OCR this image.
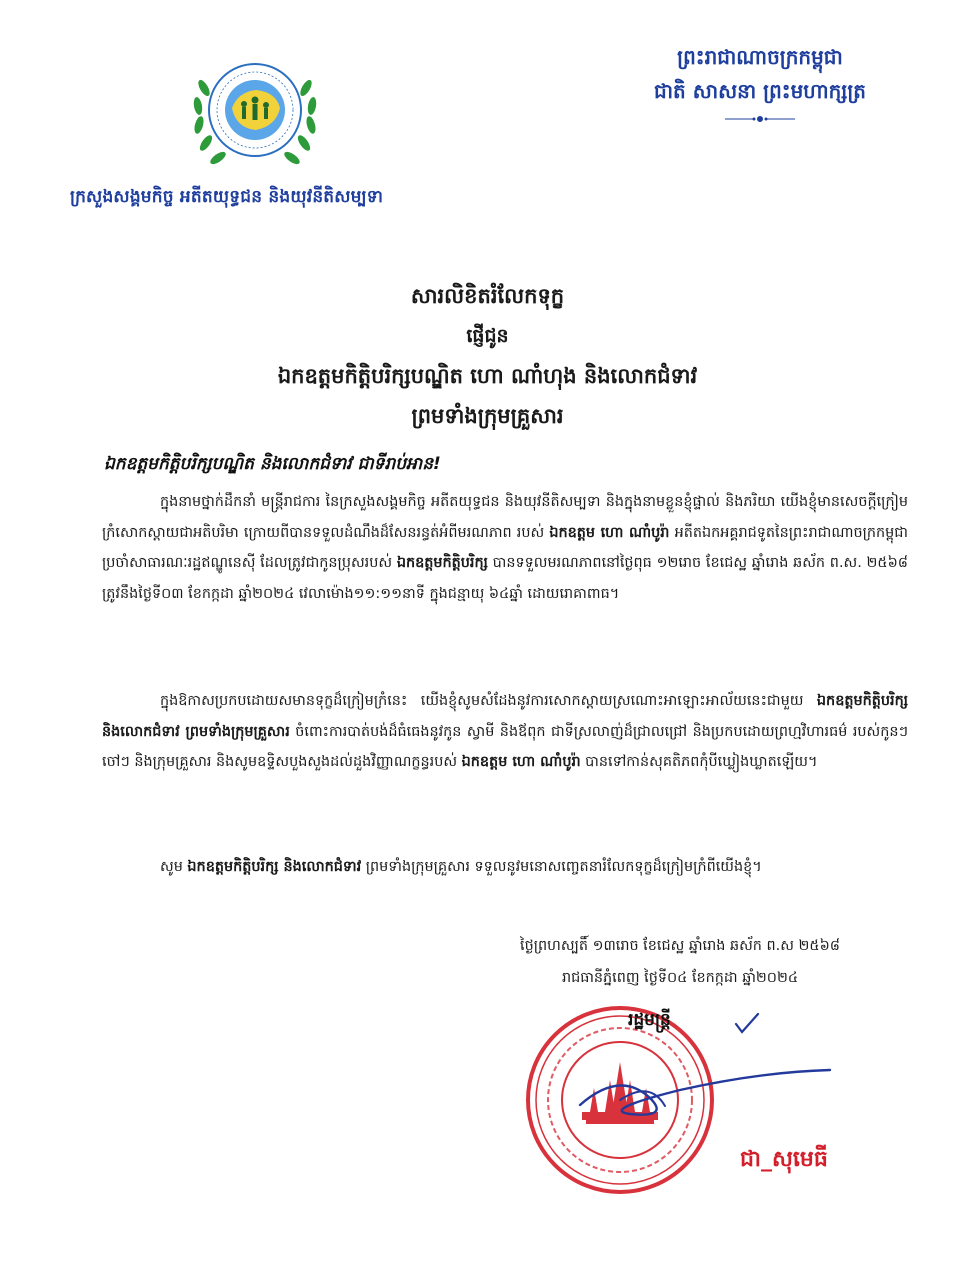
ក្រសួងសង្គមកិច្ច អតីតយុទ្ធជន និងយុវនីតិសម្បទា
ព្រះរាជាណាចក្រកម្ពុជា
ជាតិ សាសនា ព្រះមហាក្សត្រ
សារលិខិតរំលែកទុក្ខ
ផ្ញើជូន
ឯកឧត្តមកិត្តិបរិក្សបណ្ឌិត ហោ ណាំហុង និងលោកជំទាវ
ព្រមទាំងក្រុមគ្រួសារ
ឯកឧត្តមកិត្តិបរិក្សបណ្ឌិត និងលោកជំទាវ ជាទីរាប់អាន!
ក្នុងនាមថ្នាក់ដឹកនាំ មន្ត្រីរាជការ នៃក្រសួងសង្គមកិច្ច អតីតយុទ្ធជន និងយុវនីតិសម្បទា និងក្នុងនាមខ្លួនខ្ញុំផ្ទាល់ និងភរិយា យើងខ្ញុំមានសេចក្ដីក្រៀមក្រំសោកស្ដាយជាអតិបរិមា ក្រោយពីបានទទួលដំណឹងដ៏សែនរន្ធត់អំពីមរណភាព របស់ ឯកឧត្តម ហោ ណាំបូរ៉ា អតីតឯកអគ្គរាជទូតនៃព្រះរាជាណាចក្រកម្ពុជាប្រចាំសាធារណៈរដ្ឋឥណ្ឌូនេស៊ី ដែលត្រូវជាកូនប្រុសរបស់ ឯកឧត្តមកិត្តិបរិក្ស បានទទួលមរណភាពនៅថ្ងៃពុធ ១២រោច ខែជេស្ឋ ឆ្នាំរោង ឆស័ក ព.ស. ២៥៦៨ ត្រូវនឹងថ្ងៃទី០៣ ខែកក្កដា ឆ្នាំ២០២៤ វេលាម៉ោង១១:១១នាទី ក្នុងជន្មាយុ ៦៤ឆ្នាំ ដោយរោគាពាធ។
ក្នុងឱកាសប្រកបដោយសមានទុក្ខដ៏ក្រៀមក្រំនេះ យើងខ្ញុំសូមសំដែងនូវការសោកស្ដាយស្រណោះអាឡោះអាល័យនេះជាមួយ ឯកឧត្តមកិត្តិបរិក្ស និងលោកជំទាវ ព្រមទាំងក្រុមគ្រួសារ ចំពោះការបាត់បង់ដ៏ធំធេងនូវកូន ស្វាមី និងឪពុក ជាទីស្រលាញ់ដ៏ជ្រាលជ្រៅ និងប្រកបដោយព្រហ្មវិហារធម៌ របស់កូនៗ ចៅៗ និងក្រុមគ្រួសារ និងសូមឧទ្ទិសបួងសួងដល់ដួងវិញ្ញាណក្ខន្ធរបស់ ឯកឧត្តម ហោ ណាំបូរ៉ា បានទៅកាន់សុគតិភពកុំបីឃ្លៀងឃ្លាតឡើយ។
សូម ឯកឧត្តមកិត្តិបរិក្ស និងលោកជំទាវ ព្រមទាំងក្រុមគ្រួសារ ទទួលនូវមនោសញ្ចេតនារំលែកទុក្ខដ៏ក្រៀមក្រំពីយើងខ្ញុំ។
ថ្ងៃព្រហស្បតិ៍ ១៣រោច ខែជេស្ឋ ឆ្នាំរោង ឆស័ក ព.ស ២៥៦៨
រាជធានីភ្នំពេញ ថ្ងៃទី០៤ ខែកក្កដា ឆ្នាំ២០២៤
រដ្ឋមន្ត្រី
ជា_សុមេធី
